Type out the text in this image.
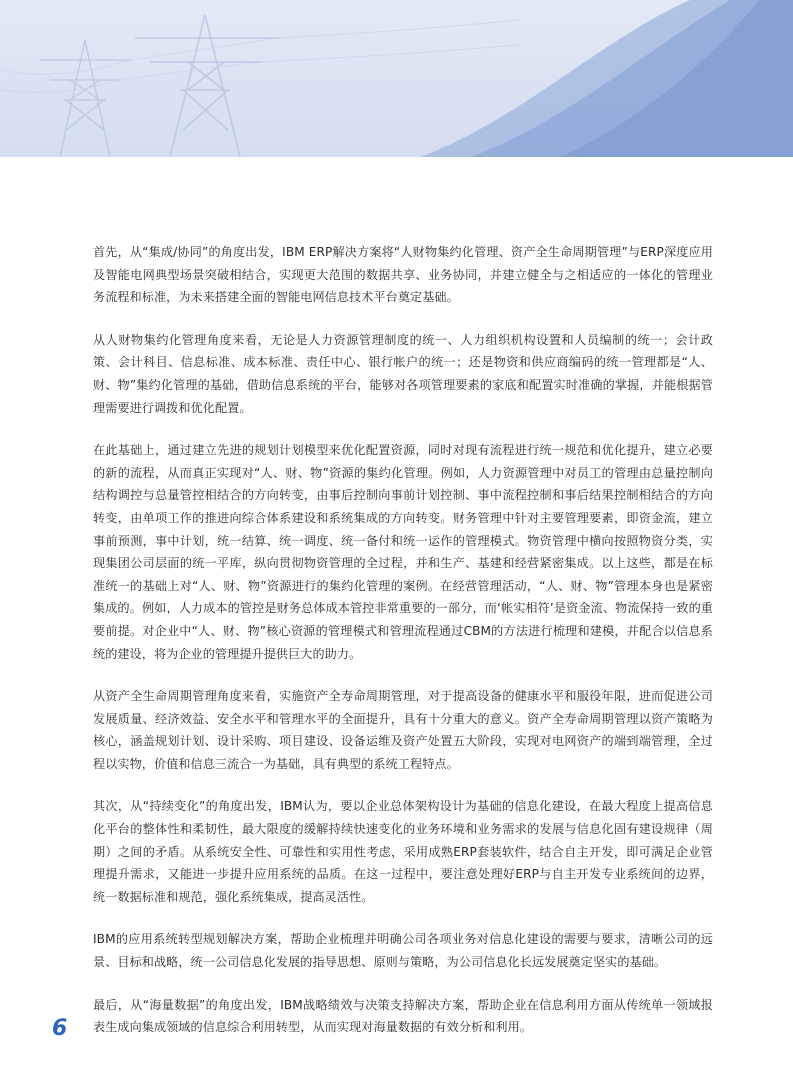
首先，从“集成/协同”的角度出发，IBM ERP解决方案将“人财物集约化管理、资产全生命周期管理”与ERP深度应用及智能电网典型场景突破相结合，实现更大范围的数据共享、业务协同，并建立健全与之相适应的一体化的管理业务流程和标准，为未来搭建全面的智能电网信息技术平台奠定基础。

从人财物集约化管理角度来看，无论是人力资源管理制度的统一、人力组织机构设置和人员编制的统一；会计政策、会计科目、信息标准、成本标准、责任中心、银行帐户的统一；还是物资和供应商编码的统一管理都是“人、财、物”集约化管理的基础，借助信息系统的平台，能够对各项管理要素的家底和配置实时准确的掌握，并能根据管理需要进行调拨和优化配置。

在此基础上，通过建立先进的规划计划模型来优化配置资源，同时对现有流程进行统一规范和优化提升，建立必要的新的流程，从而真正实现对“人、财、物”资源的集约化管理。例如，人力资源管理中对员工的管理由总量控制向结构调控与总量管控相结合的方向转变，由事后控制向事前计划控制、事中流程控制和事后结果控制相结合的方向转变，由单项工作的推进向综合体系建设和系统集成的方向转变。财务管理中针对主要管理要素，即资金流，建立事前预测，事中计划，统一结算、统一调度、统一备付和统一运作的管理模式。物资管理中横向按照物资分类，实现集团公司层面的统一平库，纵向贯彻物资管理的全过程，并和生产、基建和经营紧密集成。以上这些，都是在标准统一的基础上对“人、财、物”资源进行的集约化管理的案例。在经营管理活动，“人、财、物”管理本身也是紧密集成的。例如，人力成本的管控是财务总体成本管控非常重要的一部分，而‘帐实相符’是资金流、物流保持一致的重要前提。对企业中“人、财、物”核心资源的管理模式和管理流程通过CBM的方法进行梳理和建模，并配合以信息系统的建设，将为企业的管理提升提供巨大的助力。

从资产全生命周期管理角度来看，实施资产全寿命周期管理，对于提高设备的健康水平和服役年限，进而促进公司发展质量、经济效益、安全水平和管理水平的全面提升，具有十分重大的意义。资产全寿命周期管理以资产策略为核心，涵盖规划计划、设计采购、项目建设、设备运维及资产处置五大阶段，实现对电网资产的端到端管理，全过程以实物，价值和信息三流合一为基础，具有典型的系统工程特点。

其次，从“持续变化”的角度出发，IBM认为，要以企业总体架构设计为基础的信息化建设，在最大程度上提高信息化平台的整体性和柔韧性，最大限度的缓解持续快速变化的业务环境和业务需求的发展与信息化固有建设规律（周期）之间的矛盾。从系统安全性、可靠性和实用性考虑，采用成熟ERP套装软件，结合自主开发，即可满足企业管理提升需求，又能进一步提升应用系统的品质。在这一过程中，要注意处理好ERP与自主开发专业系统间的边界，统一数据标准和规范，强化系统集成，提高灵活性。

IBM的应用系统转型规划解决方案，帮助企业梳理并明确公司各项业务对信息化建设的需要与要求，清晰公司的远景、目标和战略，统一公司信息化发展的指导思想、原则与策略，为公司信息化长远发展奠定坚实的基础。

最后，从“海量数据”的角度出发，IBM战略绩效与决策支持解决方案，帮助企业在信息利用方面从传统单一领域报表生成向集成领域的信息综合利用转型，从而实现对海量数据的有效分析和利用。

6
